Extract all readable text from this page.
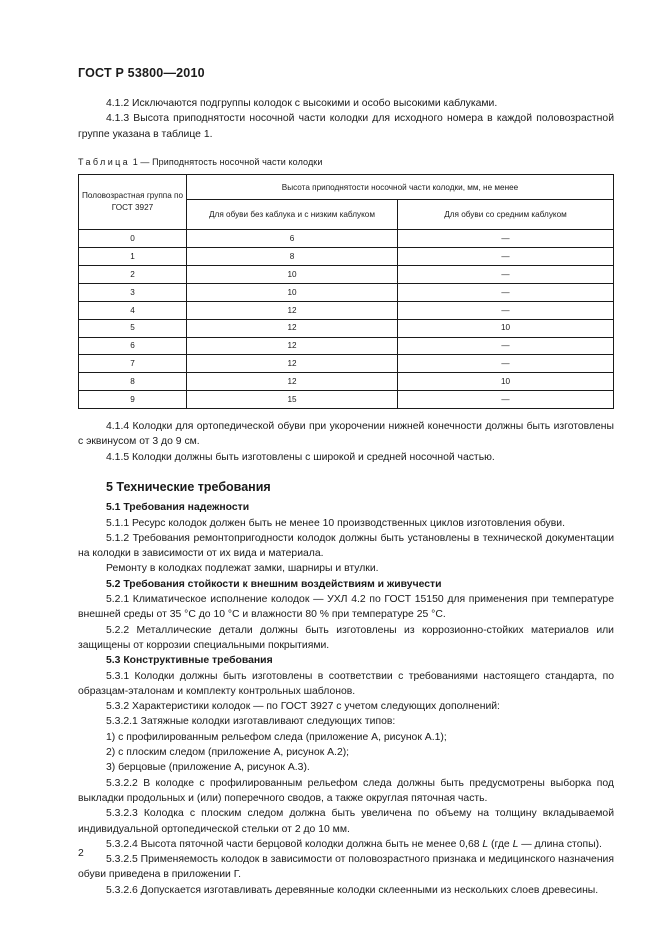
ГОСТ Р 53800—2010

4.1.2 Исключаются подгруппы колодок с высокими и особо высокими каблуками.

4.1.3 Высота приподнятости носочной части колодки для исходного номера в каждой половозрастной группе указана в таблице 1.

Таблица 1 — Приподнятость носочной части колодки
Половозрастная группа по ГОСТ 3927	Высота приподнятости носочной части колодки, мм, не менее	
	Для обуви без каблука и с низким каблуком	Для обуви со средним каблуком
0	6	—
1	8	—
2	10	—
3	10	—
4	12	—
5	12	10
6	12	—
7	12	—
8	12	10
9	15	—

4.1.4 Колодки для ортопедической обуви при укорочении нижней конечности должны быть изготовлены с эквинусом от 3 до 9 см.

4.1.5 Колодки должны быть изготовлены с широкой и средней носочной частью.

5 Технические требования

5.1 Требования надежности

5.1.1 Ресурс колодок должен быть не менее 10 производственных циклов изготовления обуви.

5.1.2 Требования ремонтопригодности колодок должны быть установлены в технической документации на колодки в зависимости от их вида и материала.

Ремонту в колодках подлежат замки, шарниры и втулки.

5.2 Требования стойкости к внешним воздействиям и живучести

5.2.1 Климатическое исполнение колодок — УХЛ 4.2 по ГОСТ 15150 для применения при температуре внешней среды от 35 °С до 10 °С и влажности 80 % при температуре 25 °С.

5.2.2 Металлические детали должны быть изготовлены из коррозионно-стойких материалов или защищены от коррозии специальными покрытиями.

5.3 Конструктивные требования

5.3.1 Колодки должны быть изготовлены в соответствии с требованиями настоящего стандарта, по образцам-эталонам и комплекту контрольных шаблонов.

5.3.2 Характеристики колодок — по ГОСТ 3927 с учетом следующих дополнений:

5.3.2.1 Затяжные колодки изготавливают следующих типов:

1) с профилированным рельефом следа (приложение А, рисунок А.1);

2) с плоским следом (приложение А, рисунок А.2);

3) берцовые (приложение А, рисунок А.3).

5.3.2.2 В колодке с профилированным рельефом следа должны быть предусмотрены выборка под выкладки продольных и (или) поперечного сводов, а также округлая пяточная часть.

5.3.2.3 Колодка с плоским следом должна быть увеличена по объему на толщину вкладываемой индивидуальной ортопедической стельки от 2 до 10 мм.

5.3.2.4 Высота пяточной части берцовой колодки должна быть не менее 0,68 L (где L — длина стопы).

5.3.2.5 Применяемость колодок в зависимости от половозрастного признака и медицинского назначения обуви приведена в приложении Г.

5.3.2.6 Допускается изготавливать деревянные колодки склеенными из нескольких слоев древесины.

2
